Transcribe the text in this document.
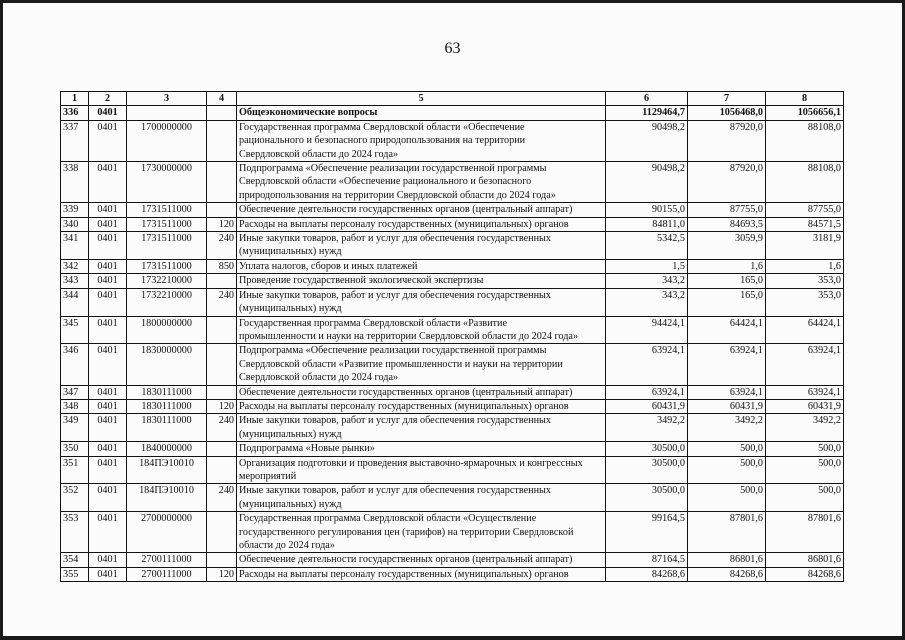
63
1	2	3	4	5	6	7	8
336	0401			Общеэкономические вопросы	1129464,7	1056468,0	1056656,1
337	0401	1700000000		Государственная программа Свердловской области «Обеспечение
рационального и безопасного природопользования на территории
Свердловской области до 2024 года»	90498,2	87920,0	88108,0
338	0401	1730000000		Подпрограмма «Обеспечение реализации государственной программы
Свердловской области «Обеспечение рационального и безопасного
природопользования на территории Свердловской области до 2024 года»	90498,2	87920,0	88108,0
339	0401	1731511000		Обеспечение деятельности государственных органов (центральный аппарат)	90155,0	87755,0	87755,0
340	0401	1731511000	120	Расходы на выплаты персоналу государственных (муниципальных) органов	84811,0	84693,5	84571,5
341	0401	1731511000	240	Иные закупки товаров, работ и услуг для обеспечения государственных
(муниципальных) нужд	5342,5	3059,9	3181,9
342	0401	1731511000	850	Уплата налогов, сборов и иных платежей	1,5	1,6	1,6
343	0401	1732210000		Проведение государственной экологической экспертизы	343,2	165,0	353,0
344	0401	1732210000	240	Иные закупки товаров, работ и услуг для обеспечения государственных
(муниципальных) нужд	343,2	165,0	353,0
345	0401	1800000000		Государственная программа Свердловской области «Развитие
промышленности и науки на территории Свердловской области до 2024 года»	94424,1	64424,1	64424,1
346	0401	1830000000		Подпрограмма «Обеспечение реализации государственной программы
Свердловской области «Развитие промышленности и науки на территории
Свердловской области до 2024 года»	63924,1	63924,1	63924,1
347	0401	1830111000		Обеспечение деятельности государственных органов (центральный аппарат)	63924,1	63924,1	63924,1
348	0401	1830111000	120	Расходы на выплаты персоналу государственных (муниципальных) органов	60431,9	60431,9	60431,9
349	0401	1830111000	240	Иные закупки товаров, работ и услуг для обеспечения государственных
(муниципальных) нужд	3492,2	3492,2	3492,2
350	0401	1840000000		Подпрограмма «Новые рынки»	30500,0	500,0	500,0
351	0401	184ПЭ10010		Организация подготовки и проведения выставочно-ярмарочных и конгрессных
мероприятий	30500,0	500,0	500,0
352	0401	184ПЭ10010	240	Иные закупки товаров, работ и услуг для обеспечения государственных
(муниципальных) нужд	30500,0	500,0	500,0
353	0401	2700000000		Государственная программа Свердловской области «Осуществление
государственного регулирования цен (тарифов) на территории Свердловской
области до 2024 года»	99164,5	87801,6	87801,6
354	0401	2700111000		Обеспечение деятельности государственных органов (центральный аппарат)	87164,5	86801,6	86801,6
355	0401	2700111000	120	Расходы на выплаты персоналу государственных (муниципальных) органов	84268,6	84268,6	84268,6
